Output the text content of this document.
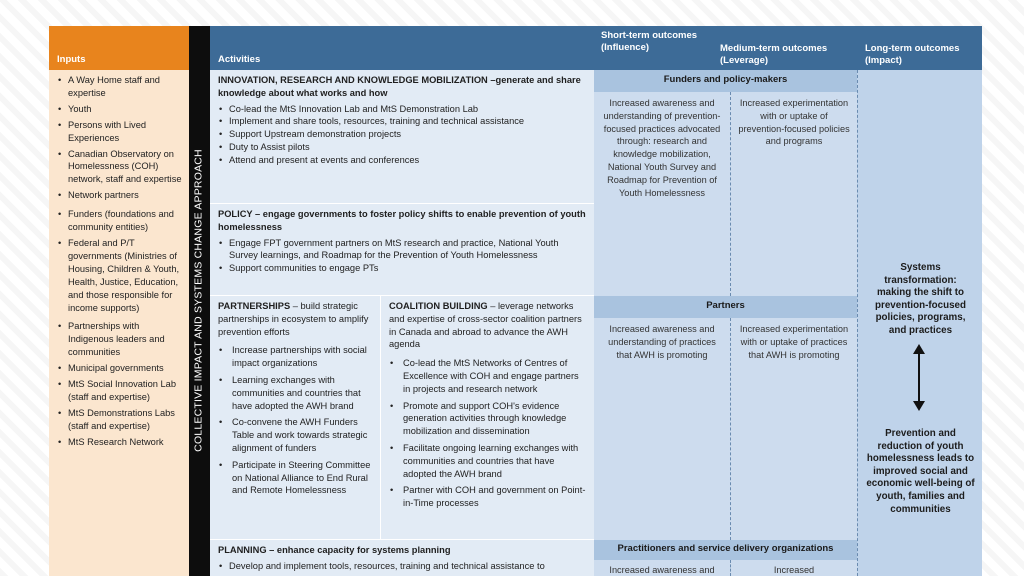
Inputs
COLLECTIVE IMPACT AND SYSTEMS CHANGE APPROACH
Activities
Short-term outcomes (Influence)	Medium-term outcomes (Leverage)
Long-term outcomes (Impact)
• A Way Home staff and expertise
• Youth
• Persons with Lived Experiences
• Canadian Observatory on Homelessness (COH) network, staff and expertise
• Network partners
• Funders (foundations and community entities)
• Federal and P/T governments (Ministries of Housing, Children & Youth, Health, Justice, Education, and those responsible for income supports)
• Partnerships with Indigenous leaders and communities
• Municipal governments
• MtS Social Innovation Lab (staff and expertise)
• MtS Demonstrations Labs (staff and expertise)
• MtS Research Network
INNOVATION, RESEARCH AND KNOWLEDGE MOBILIZATION –generate and share knowledge about what works and how
• Co-lead the MtS Innovation Lab and MtS Demonstration Lab
• Implement and share tools, resources, training and technical assistance
• Support Upstream demonstration projects
• Duty to Assist pilots
• Attend and present at events and conferences
POLICY – engage governments to foster policy shifts to enable prevention of youth homelessness
• Engage FPT government partners on MtS research and practice, National Youth Survey learnings, and Roadmap for the Prevention of Youth Homelessness
• Support communities to engage PTs
PARTNERSHIPS – build strategic partnerships in ecosystem to amplify prevention efforts
• Increase partnerships with social impact organizations
• Learning exchanges with communities and countries that have adopted the AWH brand
• Co-convene the AWH Funders Table and work towards strategic alignment of funders
• Participate in Steering Committee on National Alliance to End Rural and Remote Homelessness
COALITION BUILDING – leverage networks and expertise of cross-sector coalition partners in Canada and abroad to advance the AWH agenda
• Co-lead the MtS Networks of Centres of Excellence with COH and engage partners in projects and research network
• Promote and support COH's evidence generation activities through knowledge mobilization and dissemination
• Facilitate ongoing learning exchanges with communities and countries that have adopted the AWH brand
• Partner with COH and government on Point-in-Time processes
PLANNING – enhance capacity for systems planning
• Develop and implement tools, resources, training and technical assistance to
Funders and policy-makers
Increased awareness and understanding of prevention-focused practices advocated through: research and knowledge mobilization, National Youth Survey and Roadmap for Prevention of Youth Homelessness
Increased experimentation with or uptake of prevention-focused policies and programs
Partners
Increased awareness and understanding of practices that AWH is promoting
Increased experimentation with or uptake of practices that AWH is promoting
Practitioners and service delivery organizations
Increased awareness and	Increased
Systems transformation: making the shift to prevention-focused policies, programs, and practices
Prevention and reduction of youth homelessness leads to improved social and economic well-being of youth, families and communities
